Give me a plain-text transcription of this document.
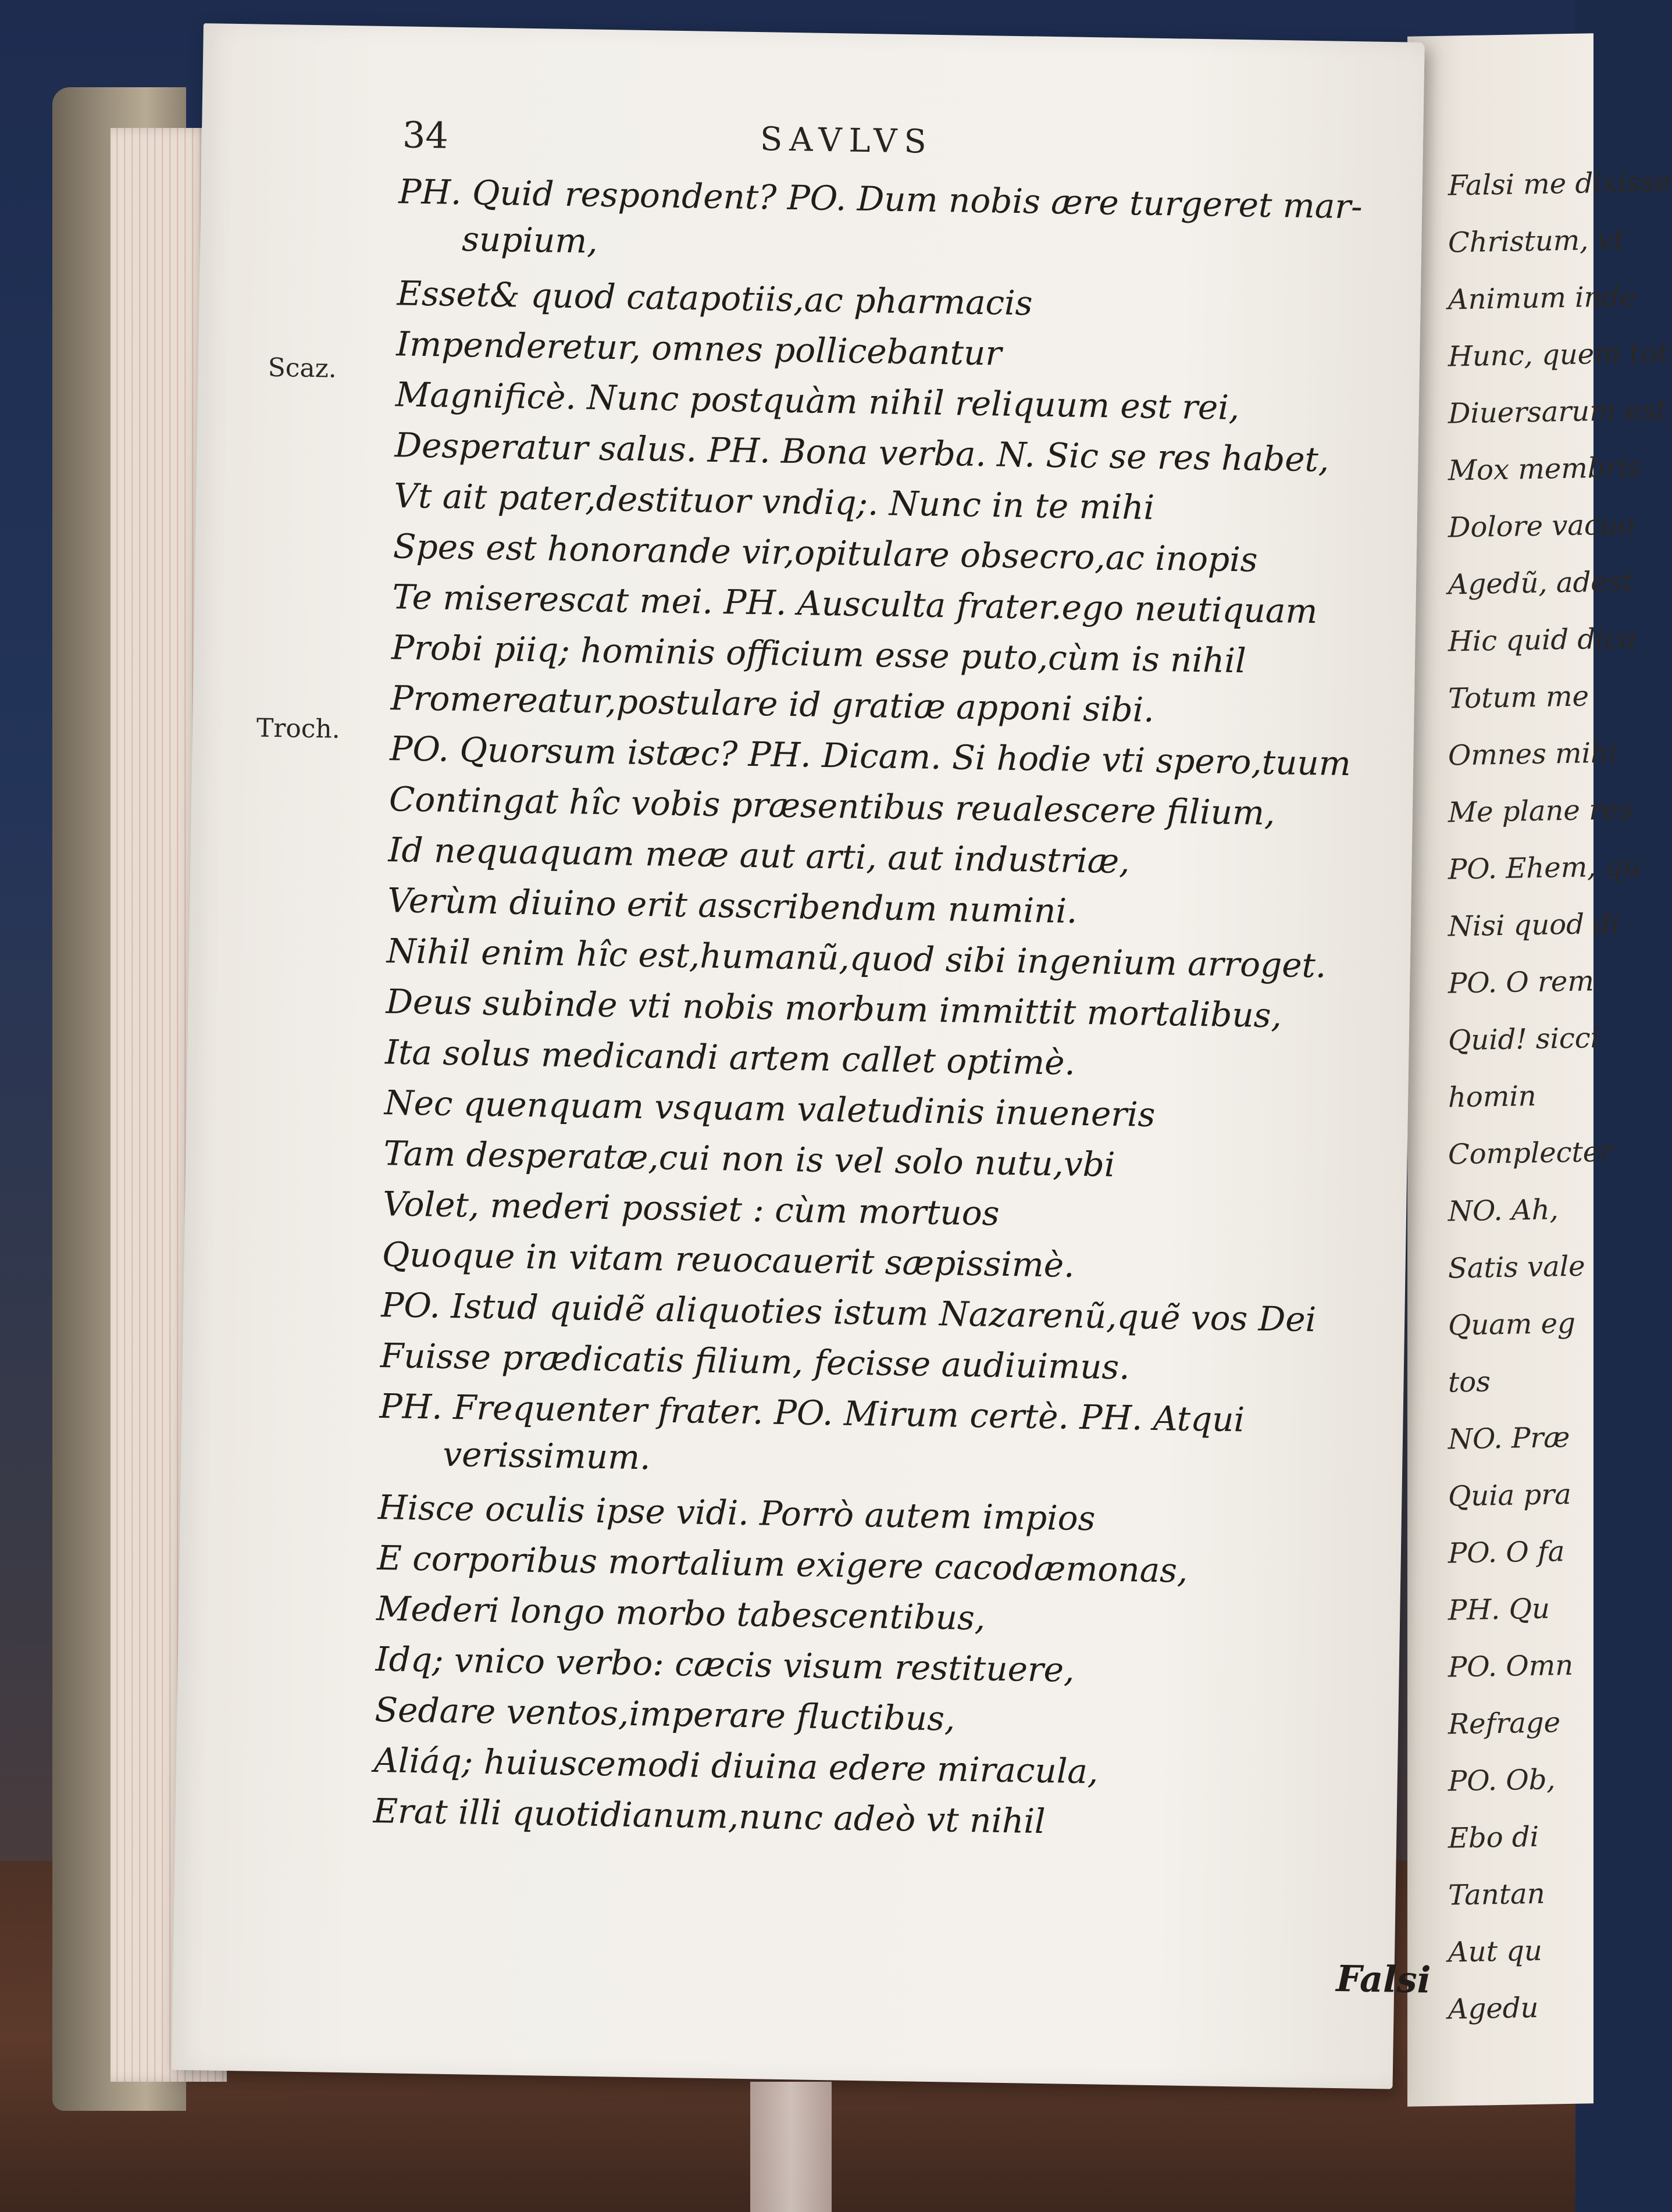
Falsi me dixisse
Christum, vt
Animum inde
Hunc, quem tot
Diuersarum est
Mox membris
Dolore vacuo
Agedũ, adest
Hic quid dica
Totum me
Omnes mihi
Me plane res
PO. Ehem, qu
Nisi quod di
PO. O rem
Quid! sicci
homin
Complecter
NO. Ah,
Satis vale
Quam eg
tos
NO. Præ
Quia pra
PO. O fa
PH. Qu
PO. Omn
Refrage
PO. Ob,
Ebo di
Tantan
Aut qu
Agedu
34	SAVLVS
Scaz.
Troch.
PH. Quid respondent? PO. Dum nobis ære turgeret mar-
supium,
Esset& quod catapotiis,ac pharmacis
Impenderetur, omnes pollicebantur
Magnificè. Nunc postquàm nihil reliquum est rei,
Desperatur salus. PH. Bona verba. N. Sic se res habet,
Vt ait pater,destituor vndiq;. Nunc in te mihi
Spes est honorande vir,opitulare obsecro,ac inopis
Te miserescat mei. PH. Ausculta frater.ego neutiquam
Probi piiq; hominis officium esse puto,cùm is nihil
Promereatur,postulare id gratiæ apponi sibi.
PO. Quorsum istæc? PH. Dicam. Si hodie vti spero,tuum
Contingat hîc vobis præsentibus reualescere filium,
Id nequaquam meæ aut arti, aut industriæ,
Verùm diuino erit asscribendum numini.
Nihil enim hîc est,humanũ,quod sibi ingenium arroget.
Deus subinde vti nobis morbum immittit mortalibus,
Ita solus medicandi artem callet optimè.
Nec quenquam vsquam valetudinis inueneris
Tam desperatæ,cui non is vel solo nutu,vbi
Volet, mederi possiet : cùm mortuos
Quoque in vitam reuocauerit sæpissimè.
PO. Istud quidẽ aliquoties istum Nazarenũ,quẽ vos Dei
Fuisse prædicatis filium, fecisse audiuimus.
PH. Frequenter frater. PO. Mirum certè. PH. Atqui
verissimum.
Hisce oculis ipse vidi. Porrò autem impios
E corporibus mortalium exigere cacodæmonas,
Mederi longo morbo tabescentibus,
Idq; vnico verbo: cæcis visum restituere,
Sedare ventos,imperare fluctibus,
Aliáq; huiuscemodi diuina edere miracula,
Erat illi quotidianum,nunc adeò vt nihil
Falsi
